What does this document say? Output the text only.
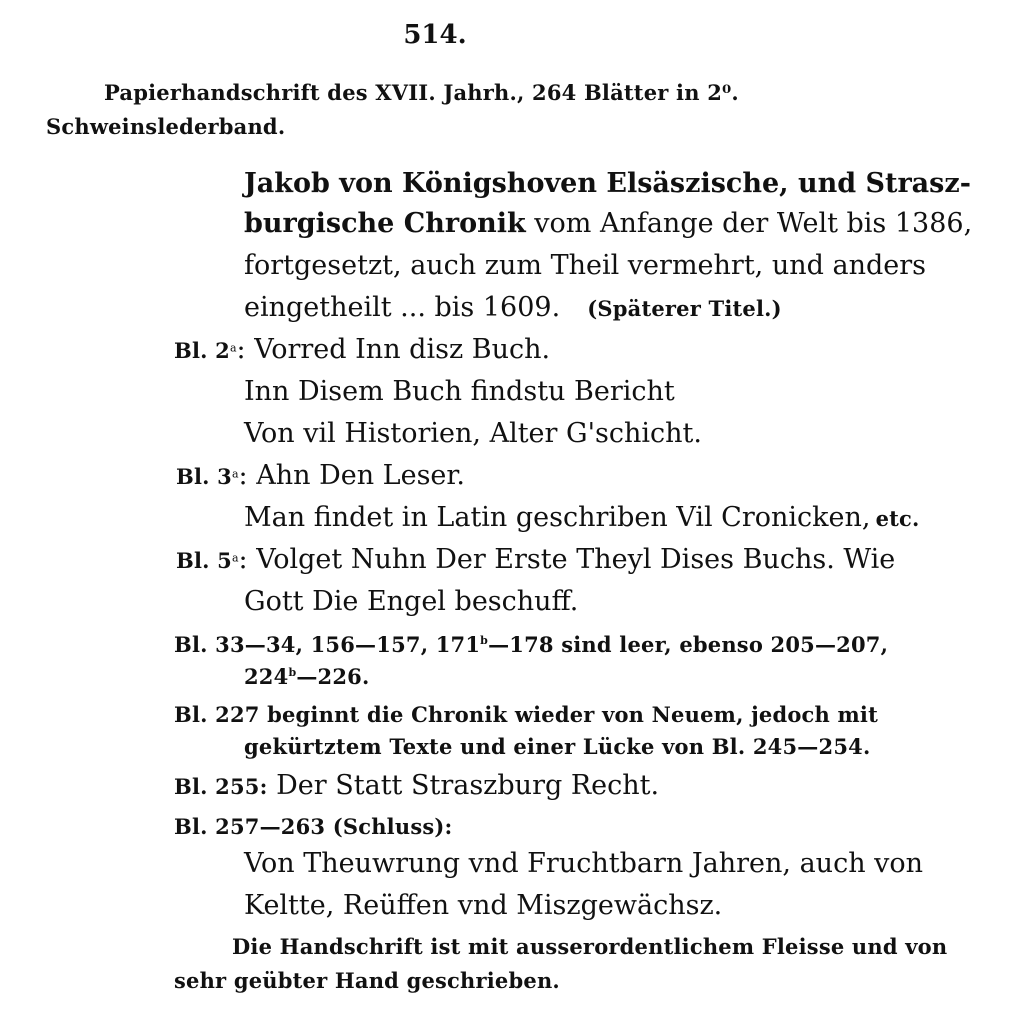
514.
Papierhandschrift des XVII. Jahrh., 264 Blätter in 2⁰.
Schweinslederband.
Jakob von Königshoven Elsäszische, und Strasz-
burgische Chronik vom Anfange der Welt bis 1386,
fortgesetzt, auch zum Theil vermehrt, und anders
eingetheilt ... bis 1609. (Späterer Titel.)
Bl. 2$^a$: Vorred Inn disz Buch.
Inn Disem Buch findstu Bericht
Von vil Historien, Alter G'schicht.
Bl. 3$^a$: Ahn Den Leser.
Man findet in Latin geschriben Vil Cronicken, etc.
Bl. 5$^a$: Volget Nuhn Der Erste Theyl Dises Buchs. Wie
Gott Die Engel beschuff.
Bl. 33—34, 156—157, 171$^b$—178 sind leer, ebenso 205—207,
224$^b$—226.
Bl. 227 beginnt die Chronik wieder von Neuem, jedoch mit
gekürtztem Texte und einer Lücke von Bl. 245—254.
Bl. 255: Der Statt Straszburg Recht.
Bl. 257—263 (Schluss):
Von Theuwrung vnd Fruchtbarn Jahren, auch von
Keltte, Reüffen vnd Miszgewächsz.
Die Handschrift ist mit ausserordentlichem Fleisse und von
sehr geübter Hand geschrieben.
